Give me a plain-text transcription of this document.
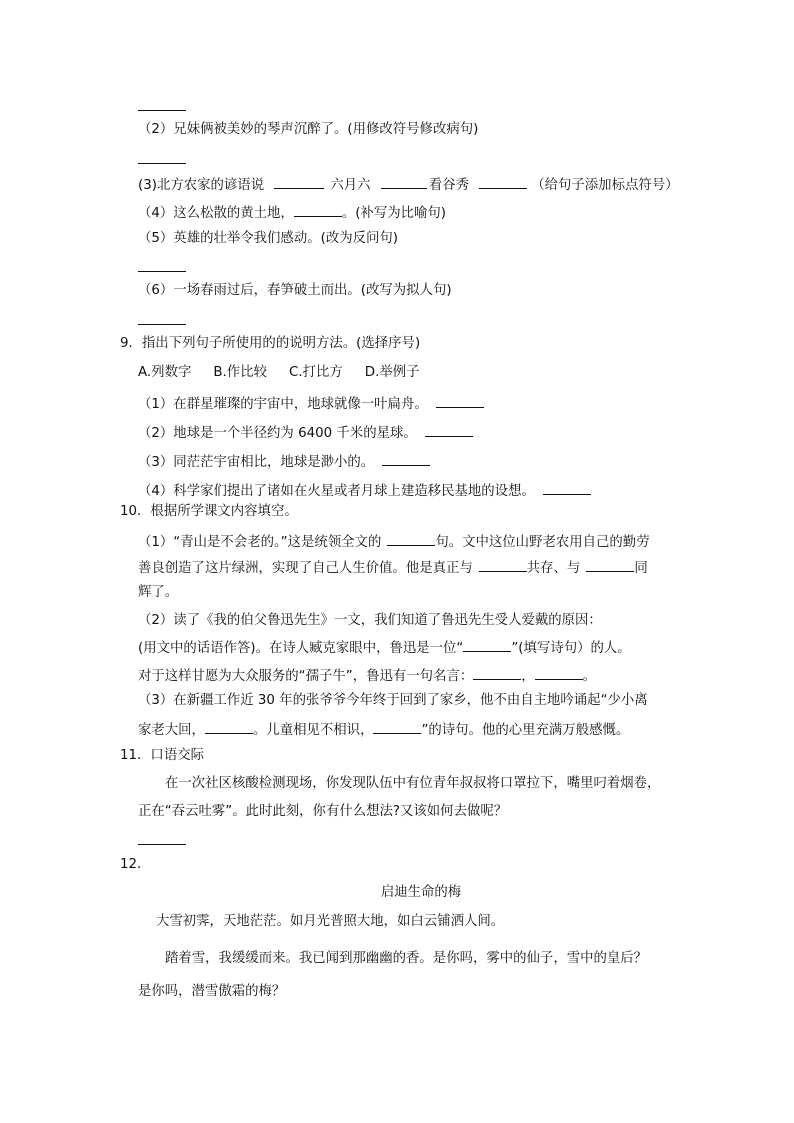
（2）兄妹俩被美妙的琴声沉醉了。(用修改符号修改病句)
(3)北方农家的谚语说	六月六	看谷秀	（给句子添加标点符号）
（4）这么松散的黄土地，	。(补写为比喻句)
（5）英雄的壮举令我们感动。(改为反问句)
（6）一场春雨过后，春笋破土而出。(改写为拟人句)
9．指出下列句子所使用的的说明方法。(选择序号)
A.列数字 B.作比较 C.打比方 D.举例子
（1）在群星璀璨的宇宙中，地球就像一叶扁舟。
（2）地球是一个半径约为 6400 千米的星球。
（3）同茫茫宇宙相比，地球是渺小的。
（4）科学家们提出了诸如在火星或者月球上建造移民基地的设想。
10．根据所学课文内容填空。
（1）“青山是不会老的。”这是统领全文的	句。文中这位山野老农用自己的勤劳
善良创造了这片绿洲，实现了自己人生价值。他是真正与	共存、与	同
辉了。
（2）读了《我的伯父鲁迅先生》一文，我们知道了鲁迅先生受人爱戴的原因：
(用文中的话语作答)。在诗人臧克家眼中，鲁迅是一位“	”(填写诗句）的人。
对于这样甘愿为大众服务的“孺子牛”，鲁迅有一句名言：	，	。
（3）在新疆工作近 30 年的张爷爷今年终于回到了家乡，他不由自主地吟诵起“少小离
家老大回，	。儿童相见不相识，	”的诗句。他的心里充满万般感慨。
11．口语交际
在一次社区核酸检测现场，你发现队伍中有位青年叔叔将口罩拉下，嘴里叼着烟卷，
正在“吞云吐雾”。此时此刻，你有什么想法?又该如何去做呢？
12．
启迪生命的梅
大雪初霁，天地茫茫。如月光普照大地，如白云铺洒人间。
踏着雪，我缓缓而来。我已闻到那幽幽的香。是你吗，雾中的仙子，雪中的皇后？
是你吗，潜雪傲霜的梅？
